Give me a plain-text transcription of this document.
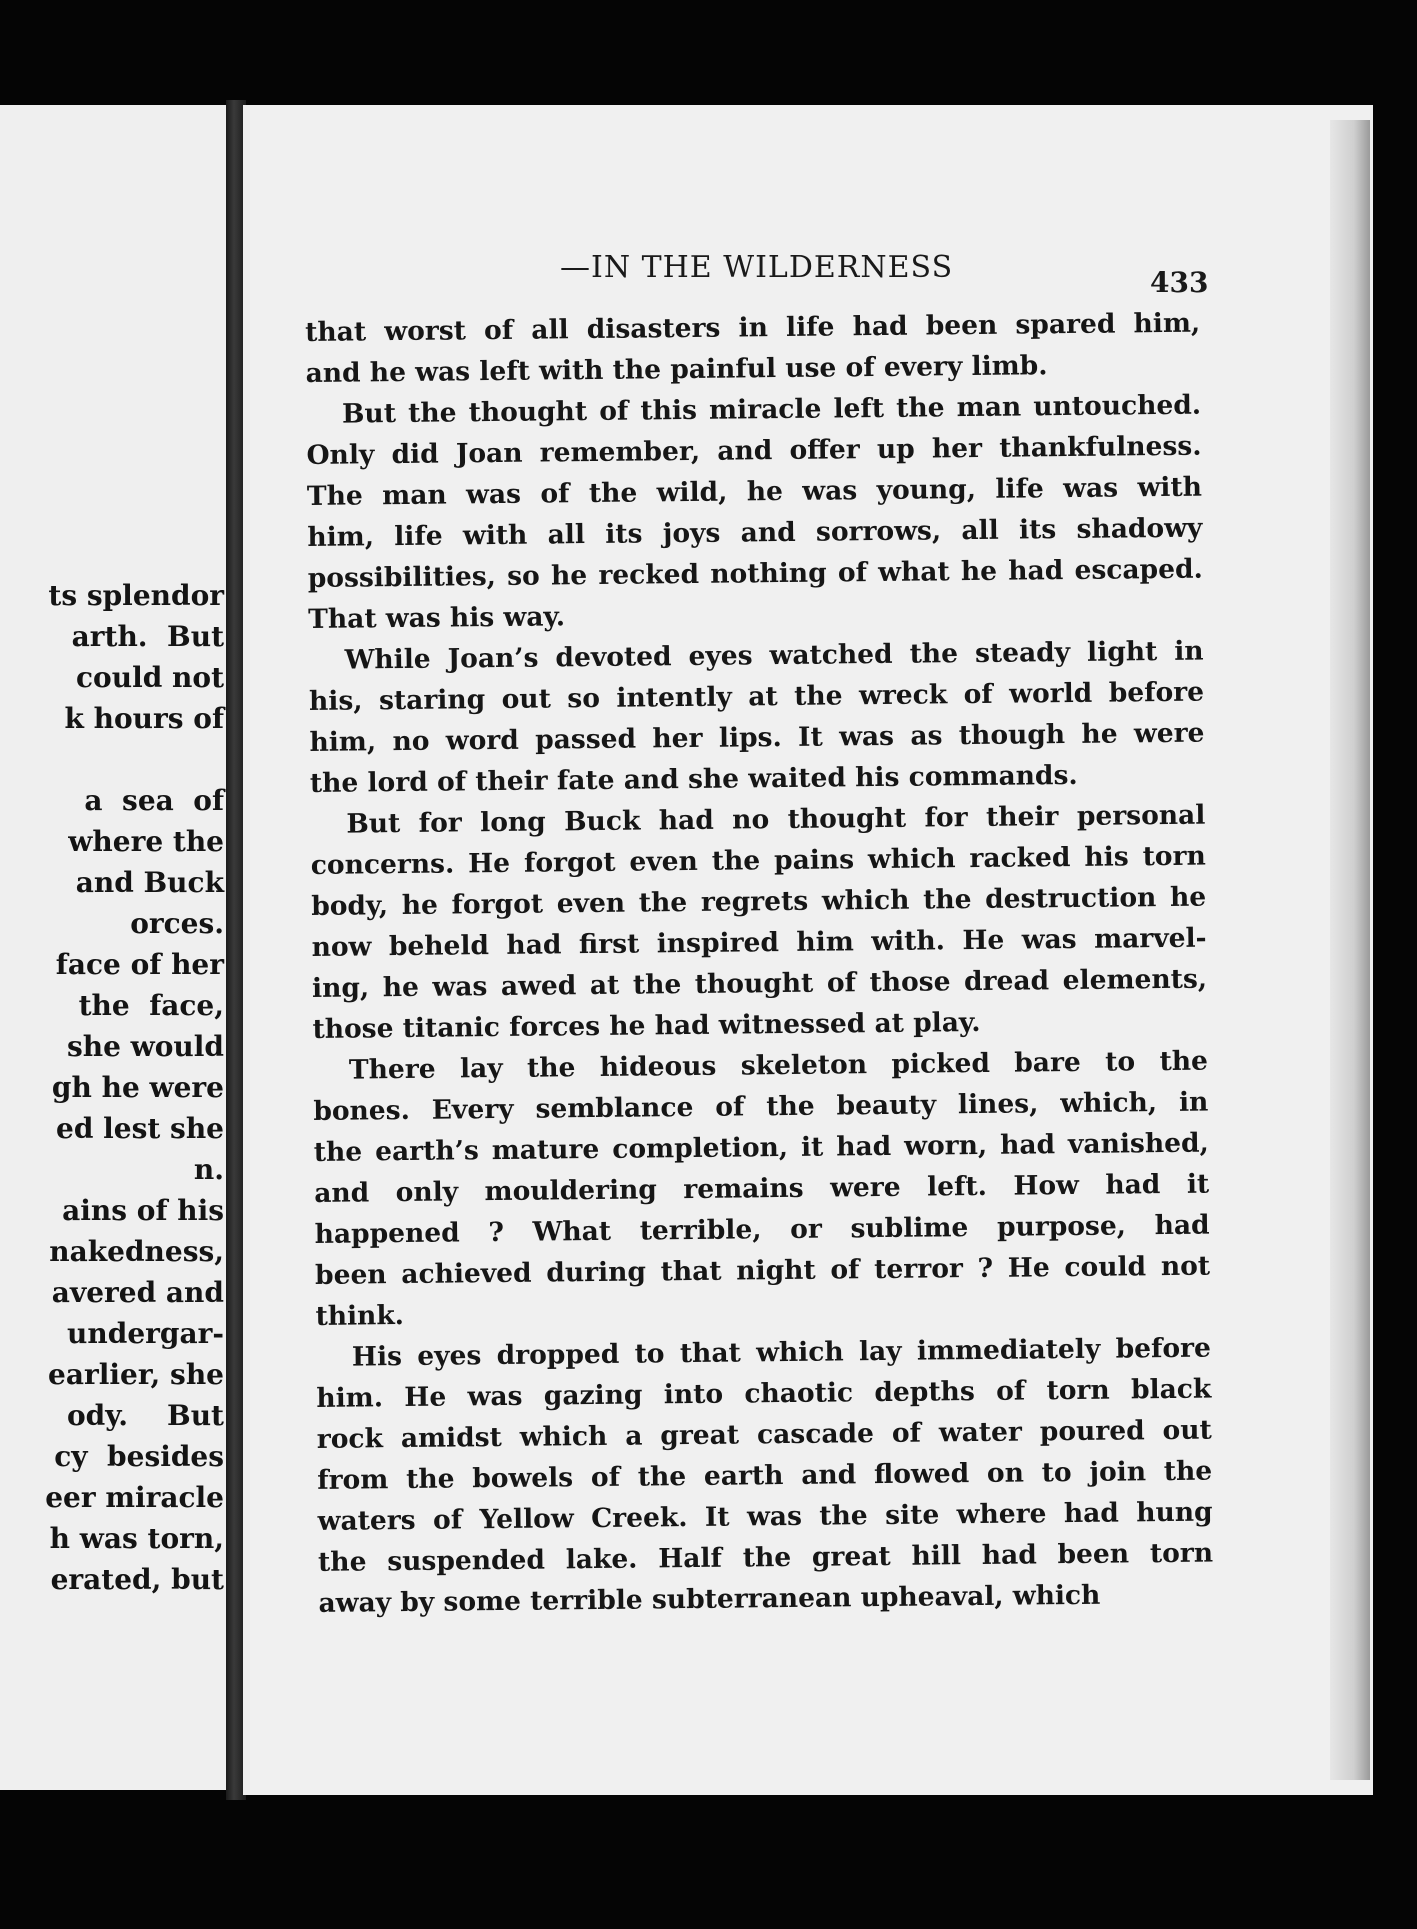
ts splendor
arth.  But
could not
k hours of

a  sea  of
where the
and Buck
orces.
face of her
the  face,
she would
gh he were
ed lest she
n.
ains of his
nakedness,
avered and
undergar-
earlier, she
ody.    But
cy  besides
eer miracle
h was torn,
erated, but
—IN THE WILDERNESS	433
that worst of all disasters in life had been spared him,
and he was left with the painful use of every limb.
But the thought of this miracle left the man untouched.
Only did Joan remember, and offer up her thankfulness.
The man was of the wild, he was young, life was with
him, life with all its joys and sorrows, all its shadowy
possibilities, so he recked nothing of what he had escaped.
That was his way.
While Joan’s devoted eyes watched the steady light in
his, staring out so intently at the wreck of world before
him, no word passed her lips. It was as though he were
the lord of their fate and she waited his commands.
But for long Buck had no thought for their personal
concerns. He forgot even the pains which racked his torn
body, he forgot even the regrets which the destruction he
now beheld had first inspired him with. He was marvel-
ing, he was awed at the thought of those dread elements,
those titanic forces he had witnessed at play.
There lay the hideous skeleton picked bare to the
bones. Every semblance of the beauty lines, which, in
the earth’s mature completion, it had worn, had vanished,
and only mouldering remains were left. How had it
happened ? What terrible, or sublime purpose, had
been achieved during that night of terror ? He could not
think.
His eyes dropped to that which lay immediately before
him. He was gazing into chaotic depths of torn black
rock amidst which a great cascade of water poured out
from the bowels of the earth and flowed on to join the
waters of Yellow Creek. It was the site where had hung
the suspended lake. Half the great hill had been torn
away by some terrible subterranean upheaval, which
